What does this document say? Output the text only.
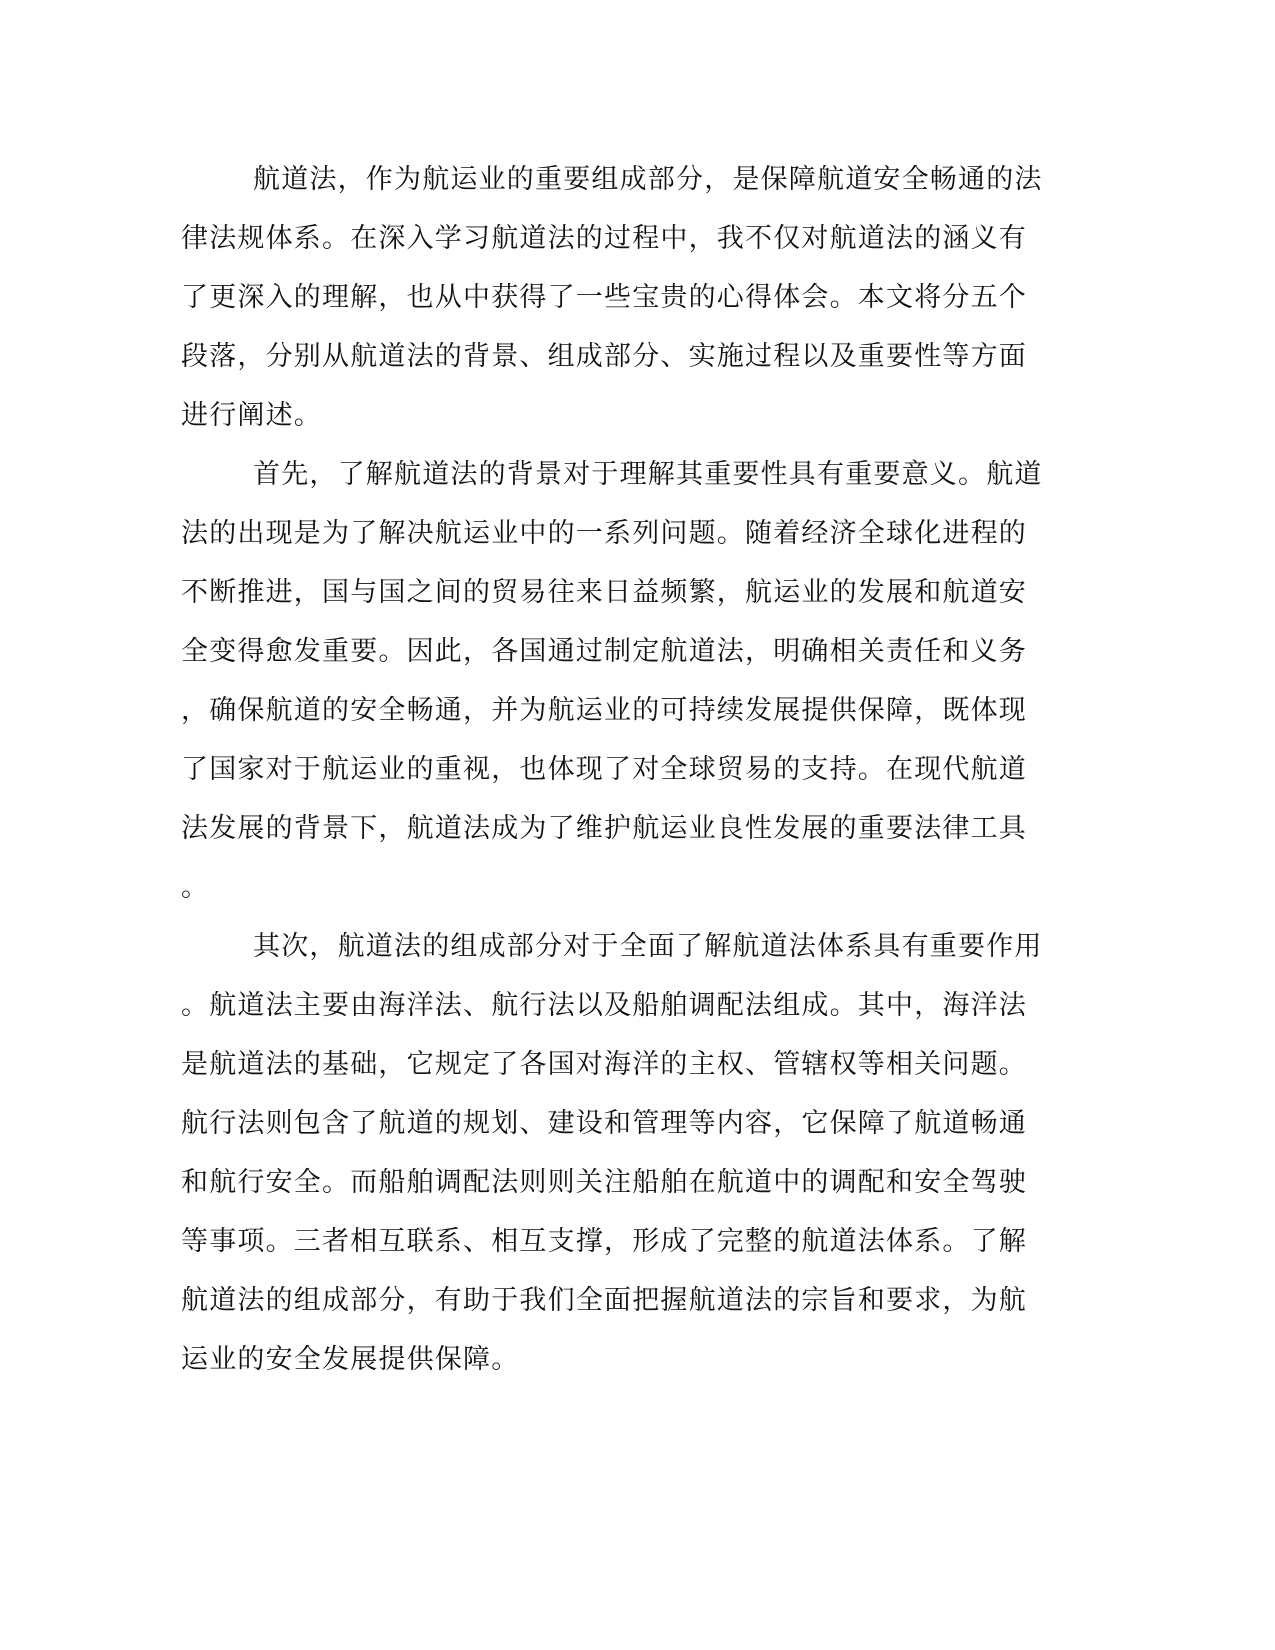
航道法，作为航运业的重要组成部分，是保障航道安全畅通的法
律法规体系。在深入学习航道法的过程中，我不仅对航道法的涵义有
了更深入的理解，也从中获得了一些宝贵的心得体会。本文将分五个
段落，分别从航道法的背景、组成部分、实施过程以及重要性等方面
进行阐述。
首先，了解航道法的背景对于理解其重要性具有重要意义。航道
法的出现是为了解决航运业中的一系列问题。随着经济全球化进程的
不断推进，国与国之间的贸易往来日益频繁，航运业的发展和航道安
全变得愈发重要。因此，各国通过制定航道法，明确相关责任和义务
，确保航道的安全畅通，并为航运业的可持续发展提供保障，既体现
了国家对于航运业的重视，也体现了对全球贸易的支持。在现代航道
法发展的背景下，航道法成为了维护航运业良性发展的重要法律工具
。
其次，航道法的组成部分对于全面了解航道法体系具有重要作用
。航道法主要由海洋法、航行法以及船舶调配法组成。其中，海洋法
是航道法的基础，它规定了各国对海洋的主权、管辖权等相关问题。
航行法则包含了航道的规划、建设和管理等内容，它保障了航道畅通
和航行安全。而船舶调配法则则关注船舶在航道中的调配和安全驾驶
等事项。三者相互联系、相互支撑，形成了完整的航道法体系。了解
航道法的组成部分，有助于我们全面把握航道法的宗旨和要求，为航
运业的安全发展提供保障。
